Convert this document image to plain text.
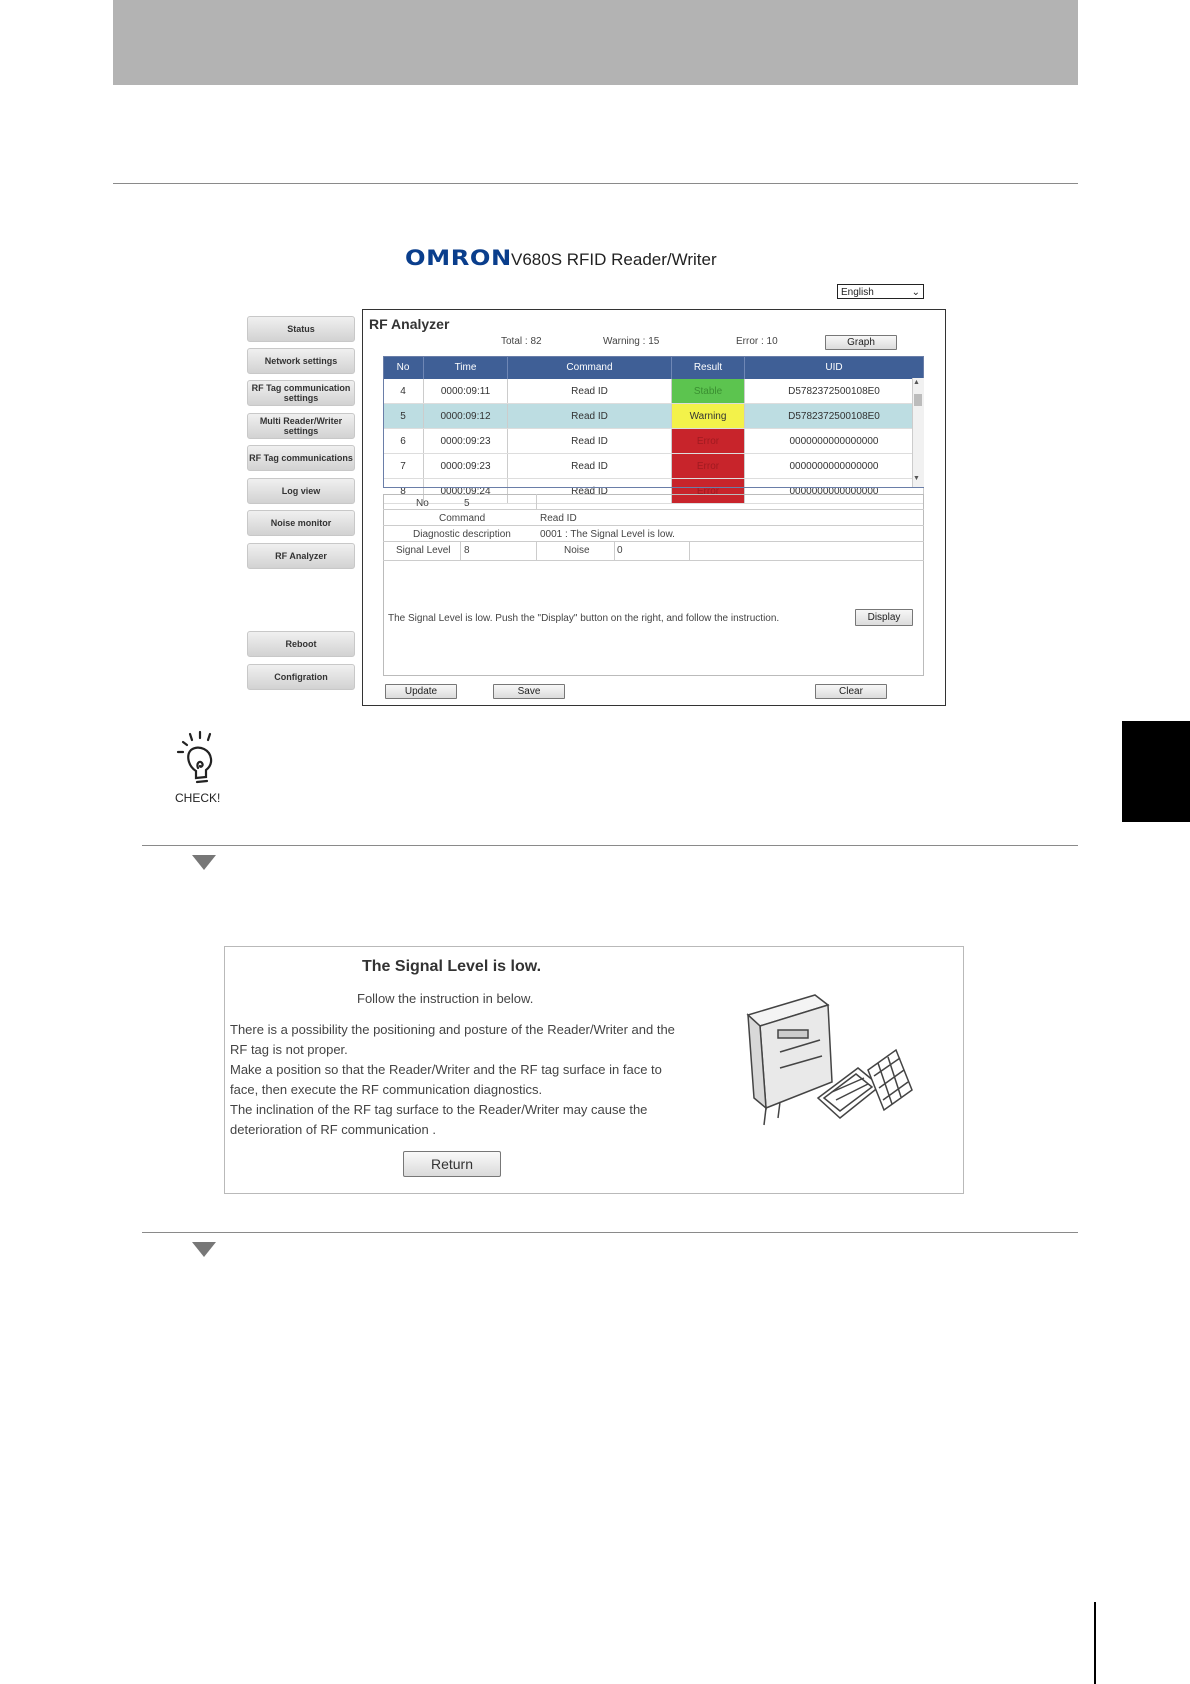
OMRON V680S RFID Reader/Writer
English	⌄
Status
Network settings
RF Tag communication settings
Multi Reader/Writer settings
RF Tag communications
Log view
Noise monitor
RF Analyzer
Reboot
Configration
RF Analyzer
Total : 82	Warning : 15	Error : 10	Graph
No	Time	Command	Result	UID
4	0000:09:11	Read ID	Stable	D5782372500108E0
5	0000:09:12	Read ID	Warning	D5782372500108E0
6	0000:09:23	Read ID	Error	0000000000000000
7	0000:09:23	Read ID	Error	0000000000000000
8	0000:09:24	Read ID	Error	0000000000000000
▲
▼
No	5
Command	Read ID
Diagnostic description	0001 : The Signal Level is low.
Signal Level 8	Noise	0
The Signal Level is low. Push the "Display" button on the right, and follow the instruction.	Display
Update	Save	Clear
CHECK!
The Signal Level is low.
Follow the instruction in below.

There is a possibility the positioning and posture of the Reader/Writer and the RF tag is not proper.

Make a position so that the Reader/Writer and the RF tag surface in face to face, then execute the RF communication diagnostics.

The inclination of the RF tag surface to the Reader/Writer may cause the deterioration of RF communication .

Return
